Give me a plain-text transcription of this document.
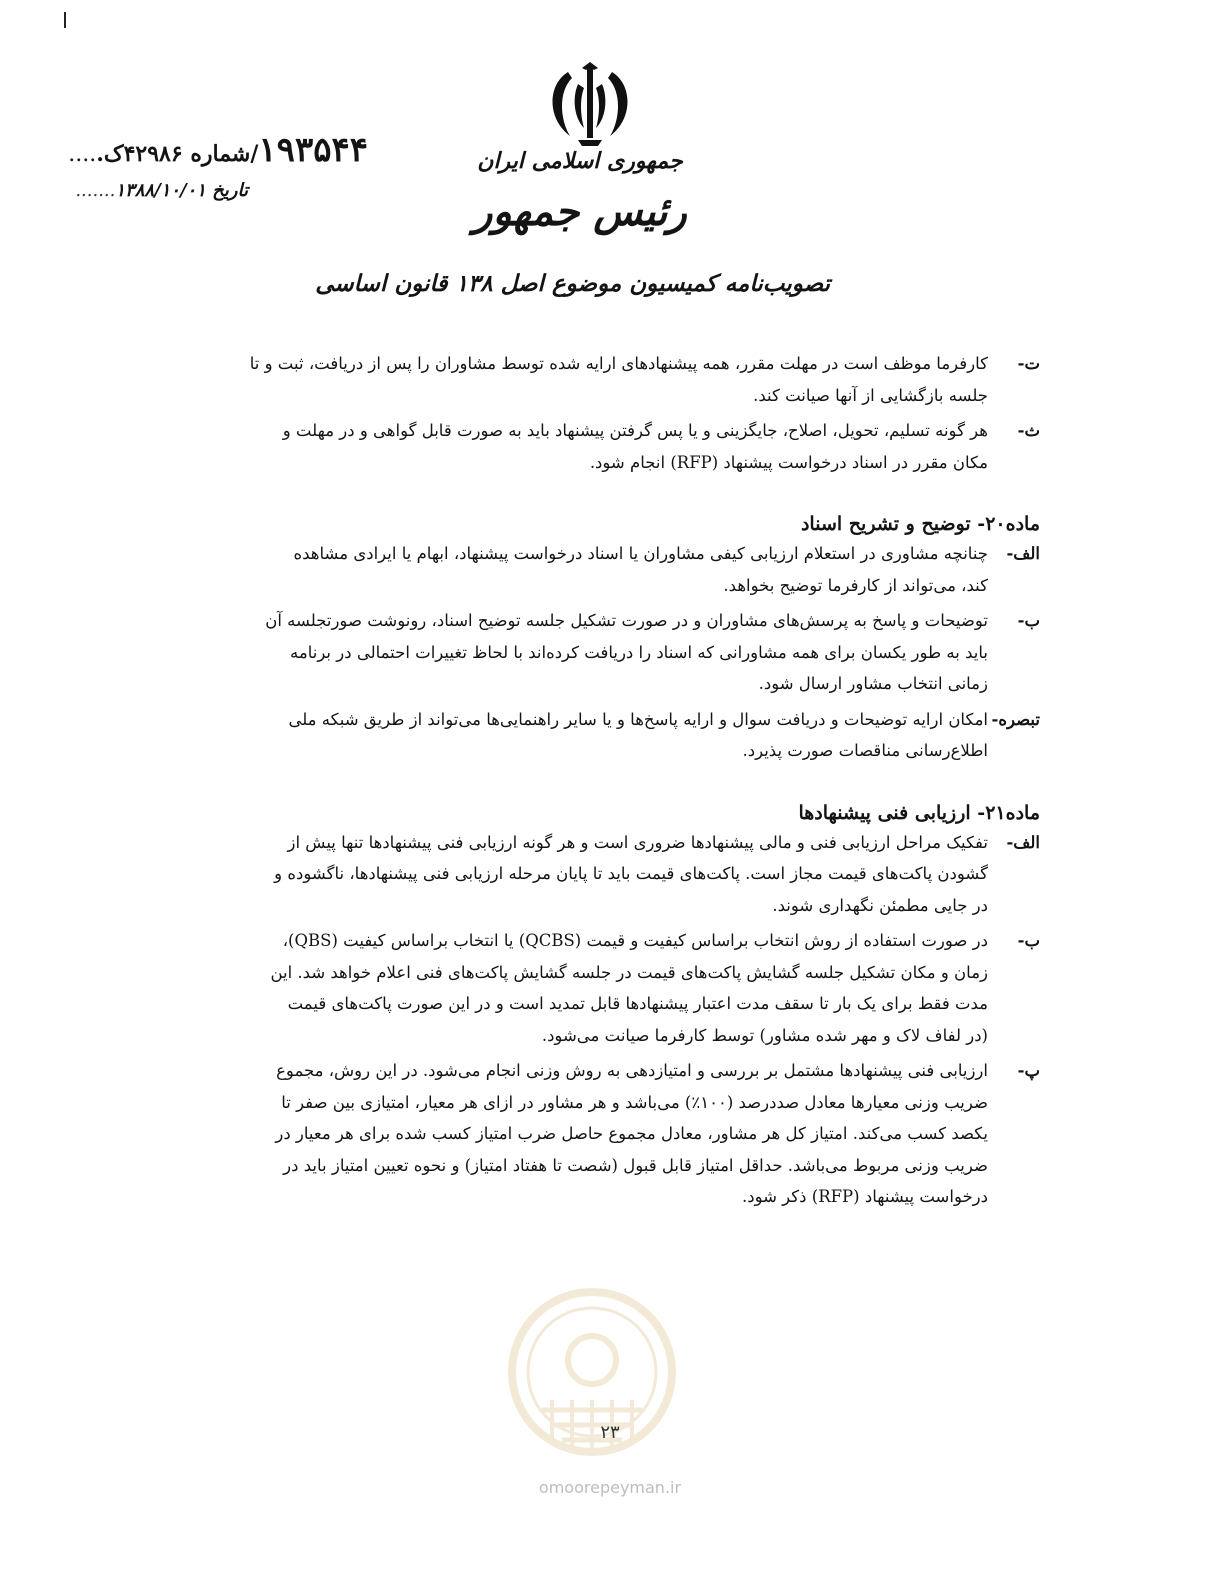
جمهوری اسلامی ایران
رئیس جمهور
تصویب‌نامه کمیسیون موضوع اصل ۱۳۸ قانون اساسی
۱۹۳۵۴۴/شماره ۴۲۹۸۶ک.....
تاریخ ۱۳۸۸/۱۰/۰۱.......
ت-
کارفرما موظف است در مهلت مقرر، همه پیشنهادهای ارایه شده توسط مشاوران را پس از دریافت، ثبت و تا
جلسه بازگشایی از آنها صیانت کند.
ث-
هر گونه تسلیم، تحویل، اصلاح، جایگزینی و یا پس گرفتن پیشنهاد باید به صورت قابل گواهی و در مهلت و
مکان مقرر در اسناد درخواست پیشنهاد (RFP) انجام شود.

ماده۲۰- توضیح و تشریح اسناد

الف-
چنانچه مشاوری در استعلام ارزیابی کیفی مشاوران یا اسناد درخواست پیشنهاد، ابهام یا ایرادی مشاهده
کند، می‌تواند از کارفرما توضیح بخواهد.
ب-
توضیحات و پاسخ به پرسش‌های مشاوران و در صورت تشکیل جلسه توضیح اسناد، رونوشت صورتجلسه آن
باید به طور یکسان برای همه مشاورانی که اسناد را دریافت کرده‌اند با لحاظ تغییرات احتمالی در برنامه
زمانی انتخاب مشاور ارسال شود.
تبصره-
امکان ارایه توضیحات و دریافت سوال و ارایه پاسخ‌ها و یا سایر راهنمایی‌ها می‌تواند از طریق شبکه ملی
اطلاع‌رسانی مناقصات صورت پذیرد.

ماده۲۱- ارزیابی فنی پیشنهادها

الف-
تفکیک مراحل ارزیابی فنی و مالی پیشنهادها ضروری است و هر گونه ارزیابی فنی پیشنهادها تنها پیش از
گشودن پاکت‌های قیمت مجاز است. پاکت‌های قیمت باید تا پایان مرحله ارزیابی فنی پیشنهادها، ناگشوده و
در جایی مطمئن نگهداری شوند.
ب-
در صورت استفاده از روش انتخاب براساس کیفیت و قیمت (QCBS) یا انتخاب براساس کیفیت (QBS)،
زمان و مکان تشکیل جلسه گشایش پاکت‌های قیمت در جلسه گشایش پاکت‌های فنی اعلام خواهد شد. این
مدت فقط برای یک بار تا سقف مدت اعتبار پیشنهادها قابل تمدید است و در این صورت پاکت‌های قیمت
(در لفاف لاک و مهر شده مشاور) توسط کارفرما صیانت می‌شود.
پ-
ارزیابی فنی پیشنهادها مشتمل بر بررسی و امتیازدهی به روش وزنی انجام می‌شود. در این روش، مجموع
ضریب وزنی معیارها معادل صددرصد (۱۰۰٪) می‌باشد و هر مشاور در ازای هر معیار، امتیازی بین صفر تا
یکصد کسب می‌کند. امتیاز کل هر مشاور، معادل مجموع حاصل ضرب امتیاز کسب شده برای هر معیار در
ضریب وزنی مربوط می‌باشد. حداقل امتیاز قابل قبول (شصت تا هفتاد امتیاز) و نحوه تعیین امتیاز باید در
درخواست پیشنهاد (RFP) ذکر شود.
۲۳
omoorepeyman.ir
